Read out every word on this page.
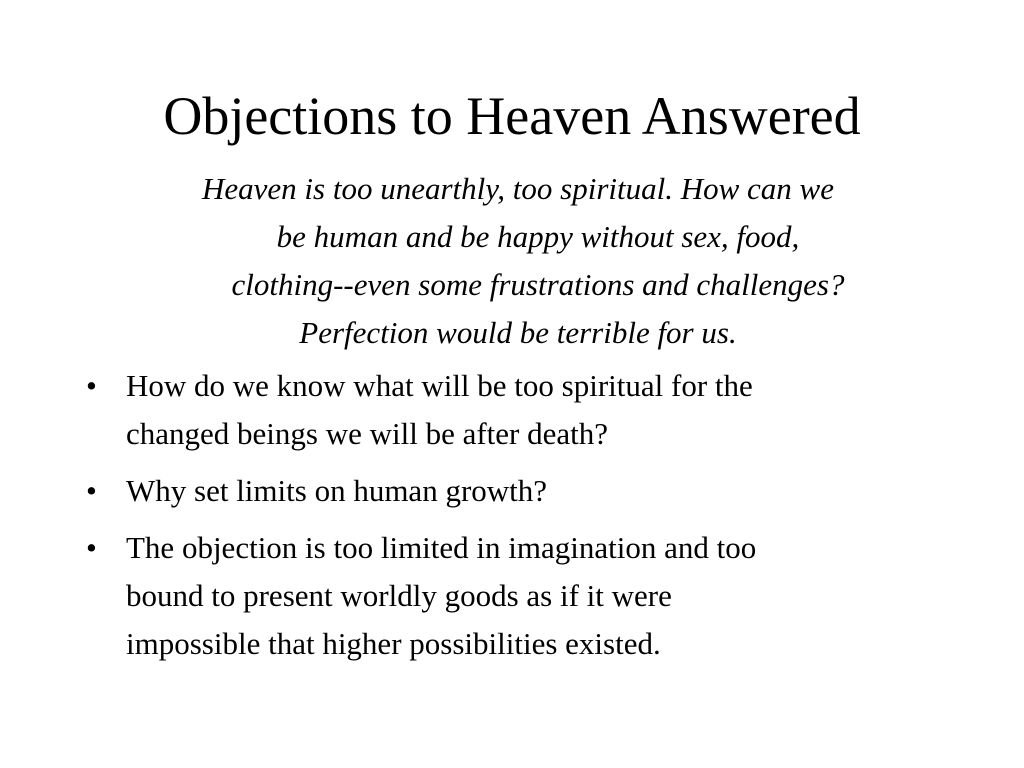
Objections to Heaven Answered

Heaven is too unearthly, too spiritual. How can we
be human and be happy without sex, food,
clothing--even some frustrations and challenges?
Perfection would be terrible for us.

• How do we know what will be too spiritual for the
changed beings we will be after death?
• Why set limits on human growth?
• The objection is too limited in imagination and too
bound to present worldly goods as if it were
impossible that higher possibilities existed.
